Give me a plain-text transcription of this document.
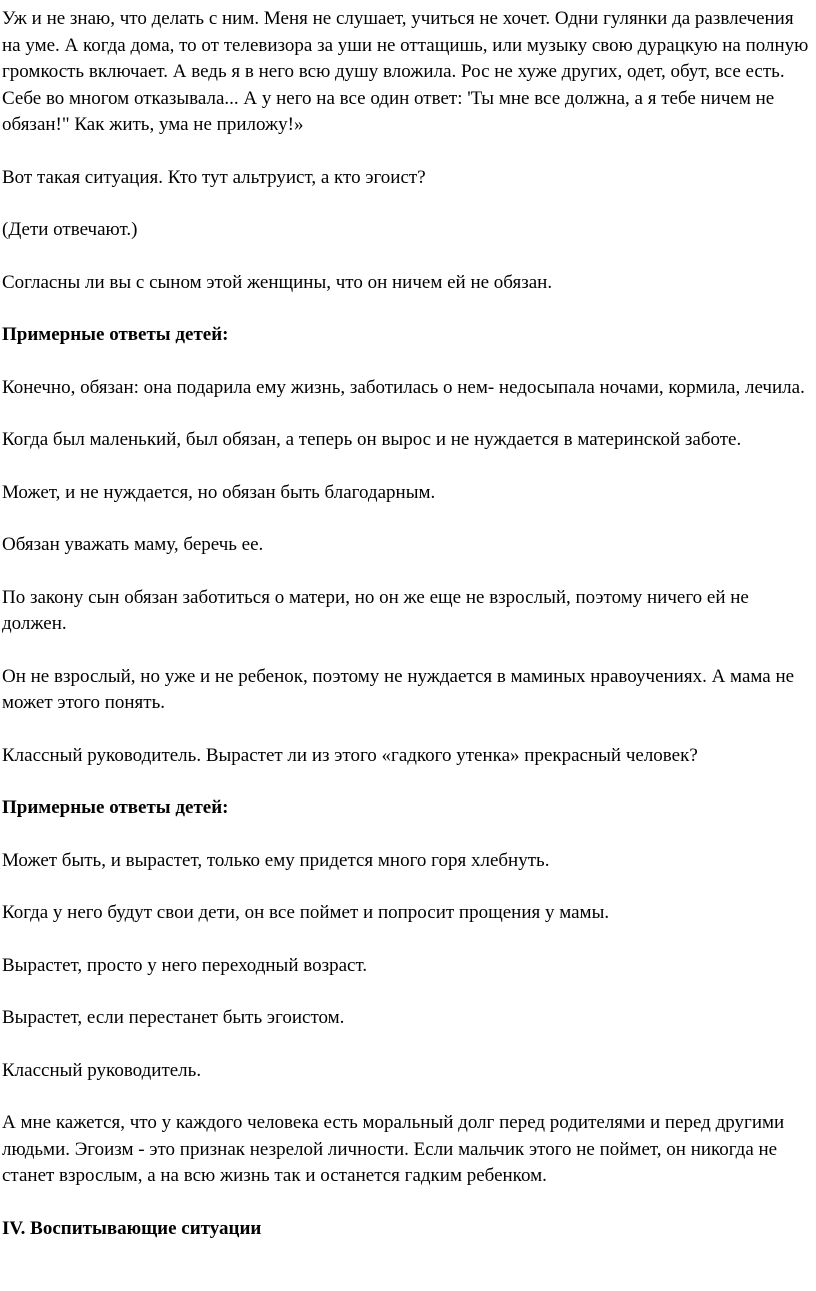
Уж и не знаю, что делать с ним. Меня не слушает, учиться не хочет. Одни гулянки да развлечения на уме. А когда дома, то от телевизора за уши не оттащишь, или музыку свою дурацкую на полную громкость включает. А ведь я в него всю душу вложила. Рос не хуже других, одет, обут, все есть. Себе во многом отказывала... А у него на все один ответ: 'Ты мне все должна, а я тебе ничем не обязан!" Как жить, ума не приложу!»

Вот такая ситуация. Кто тут альтруист, а кто эгоист?

(Дети отвечают.)

Согласны ли вы с сыном этой женщины, что он ничем ей не обязан.

Примерные ответы детей:

Конечно, обязан: она подарила ему жизнь, заботилась о нем- недосыпала ночами, кормила, лечила.

Когда был маленький, был обязан, а теперь он вырос и не нуждается в материнской заботе.

Может, и не нуждается, но обязан быть благодарным.

Обязан уважать маму, беречь ее.

По закону сын обязан заботиться о матери, но он же еще не взрослый, поэтому ничего ей не должен.

Он не взрослый, но уже и не ребенок, поэтому не нуждается в маминых нравоучениях. А мама не может этого понять.

Классный руководитель. Вырастет ли из этого «гадкого утенка» прекрасный человек?

Примерные ответы детей:

Может быть, и вырастет, только ему придется много горя хлебнуть.

Когда у него будут свои дети, он все поймет и попросит прощения у мамы.

Вырастет, просто у него переходный возраст.

Вырастет, если перестанет быть эгоистом.

Классный руководитель.

А мне кажется, что у каждого человека есть моральный долг перед родителями и перед другими людьми. Эгоизм - это признак незрелой личности. Если мальчик этого не поймет, он никогда не станет взрослым, а на всю жизнь так и останется гадким ребенком.

IV. Воспитывающие ситуации
